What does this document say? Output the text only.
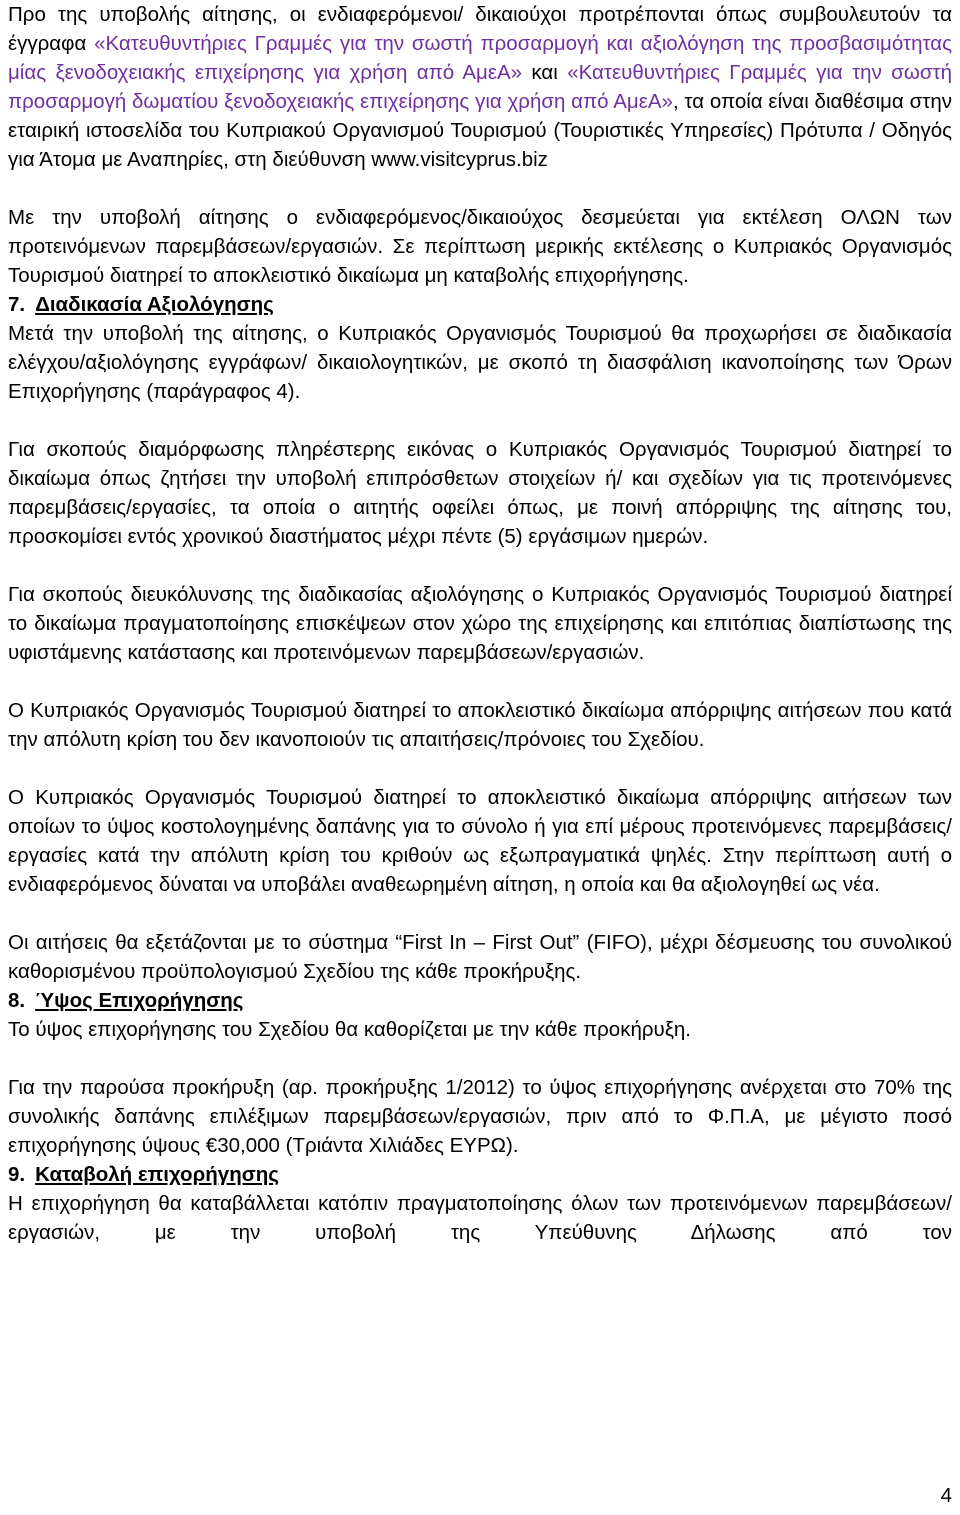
Προ της υποβολής αίτησης, οι ενδιαφερόμενοι/ δικαιούχοι προτρέπονται όπως συμβουλευτούν τα έγγραφα «Κατευθυντήριες Γραμμές για την σωστή προσαρμογή και αξιολόγηση της προσβασιμότητας μίας ξενοδοχειακής επιχείρησης για χρήση από ΑμεΑ» και «Κατευθυντήριες Γραμμές για την σωστή προσαρμογή δωματίου ξενοδοχειακής επιχείρησης για χρήση από ΑμεΑ», τα οποία είναι διαθέσιμα στην εταιρική ιστοσελίδα του Κυπριακού Οργανισμού Τουρισμού (Τουριστικές Υπηρεσίες) Πρότυπα / Οδηγός για Άτομα με Αναπηρίες, στη διεύθυνση www.visitcyprus.biz

Με την υποβολή αίτησης ο ενδιαφερόμενος/δικαιούχος δεσμεύεται για εκτέλεση ΟΛΩΝ των προτεινόμενων παρεμβάσεων/εργασιών. Σε περίπτωση μερικής εκτέλεσης ο Κυπριακός Οργανισμός Τουρισμού διατηρεί το αποκλειστικό δικαίωμα μη καταβολής επιχορήγησης.

7. Διαδικασία Αξιολόγησης

Μετά την υποβολή της αίτησης, ο Κυπριακός Οργανισμός Τουρισμού θα προχωρήσει σε διαδικασία ελέγχου/αξιολόγησης εγγράφων/ δικαιολογητικών, με σκοπό τη διασφάλιση ικανοποίησης των Όρων Επιχορήγησης (παράγραφος 4).

Για σκοπούς διαμόρφωσης πληρέστερης εικόνας ο Κυπριακός Οργανισμός Τουρισμού διατηρεί το δικαίωμα όπως ζητήσει την υποβολή επιπρόσθετων στοιχείων ή/ και σχεδίων για τις προτεινόμενες παρεμβάσεις/εργασίες, τα οποία ο αιτητής οφείλει όπως, με ποινή απόρριψης της αίτησης του, προσκομίσει εντός χρονικού διαστήματος μέχρι πέντε (5) εργάσιμων ημερών.

Για σκοπούς διευκόλυνσης της διαδικασίας αξιολόγησης ο Κυπριακός Οργανισμός Τουρισμού διατηρεί το δικαίωμα πραγματοποίησης επισκέψεων στον χώρο της επιχείρησης και επιτόπιας διαπίστωσης της υφιστάμενης κατάστασης και προτεινόμενων παρεμβάσεων/εργασιών.

Ο Κυπριακός Οργανισμός Τουρισμού διατηρεί το αποκλειστικό δικαίωμα απόρριψης αιτήσεων που κατά την απόλυτη κρίση του δεν ικανοποιούν τις απαιτήσεις/πρόνοιες του Σχεδίου.

Ο Κυπριακός Οργανισμός Τουρισμού διατηρεί το αποκλειστικό δικαίωμα απόρριψης αιτήσεων των οποίων το ύψος κοστολογημένης δαπάνης για το σύνολο ή για επί μέρους προτεινόμενες παρεμβάσεις/εργασίες κατά την απόλυτη κρίση του κριθούν ως εξωπραγματικά ψηλές. Στην περίπτωση αυτή ο ενδιαφερόμενος δύναται να υποβάλει αναθεωρημένη αίτηση, η οποία και θα αξιολογηθεί ως νέα.

Οι αιτήσεις θα εξετάζονται με το σύστημα “First In – First Out” (FIFO), μέχρι δέσμευσης του συνολικού καθορισμένου προϋπολογισμού Σχεδίου της κάθε προκήρυξης.

8. Ύψος Επιχορήγησης

Το ύψος επιχορήγησης του Σχεδίου θα καθορίζεται με την κάθε προκήρυξη.

Για την παρούσα προκήρυξη (αρ. προκήρυξης 1/2012) το ύψος επιχορήγησης ανέρχεται στο 70% της συνολικής δαπάνης επιλέξιμων παρεμβάσεων/εργασιών, πριν από το Φ.Π.Α, με μέγιστο ποσό επιχορήγησης ύψους €30,000 (Τριάντα Χιλιάδες ΕΥΡΩ).

9. Καταβολή επιχορήγησης

Η επιχορήγηση θα καταβάλλεται κατόπιν πραγματοποίησης όλων των προτεινόμενων παρεμβάσεων/εργασιών, με την υποβολή της Υπεύθυνης Δήλωσης από τον

4
